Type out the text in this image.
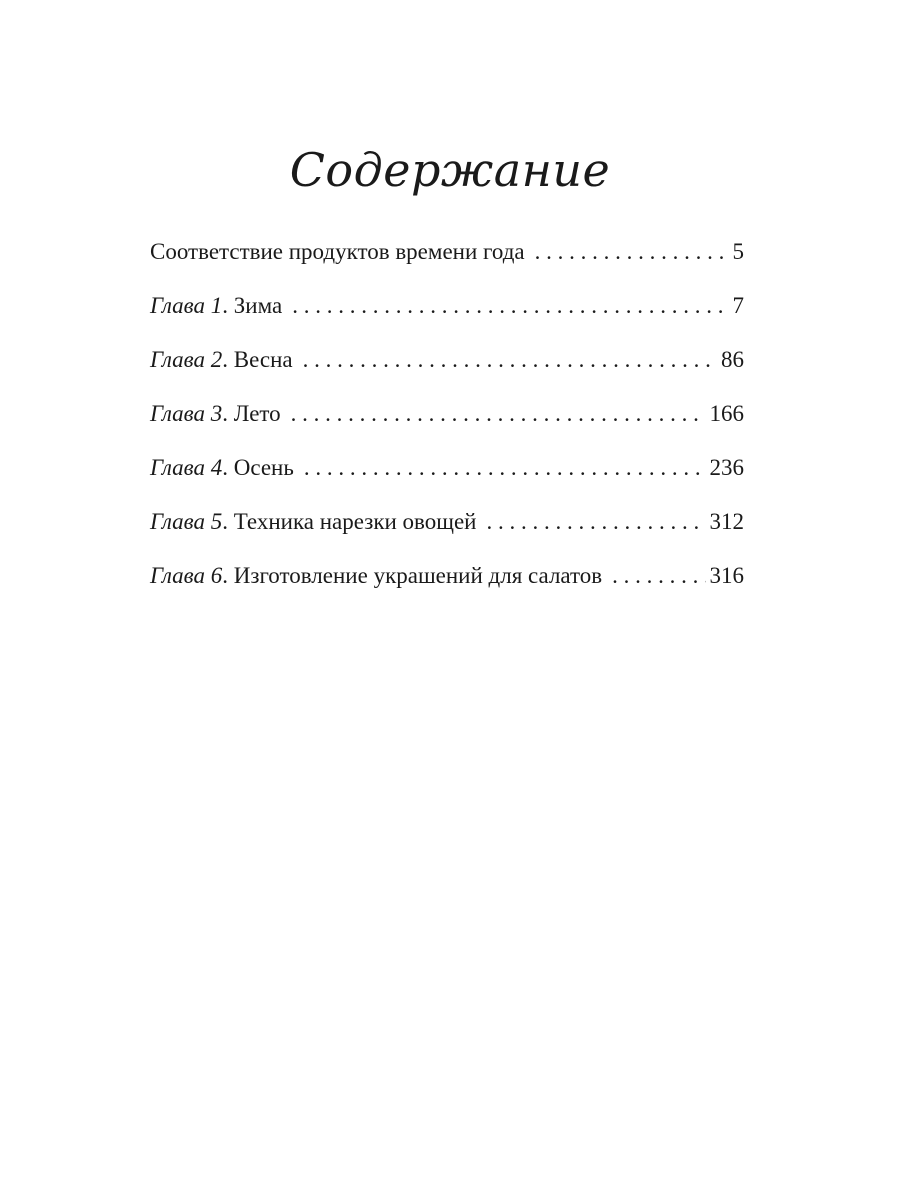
Содержание
Соответствие продуктов времени года . . .	5
Глава 1. Зима . . .	7
Глава 2. Весна . . .	86
Глава 3. Лето . . .	166
Глава 4. Осень . . .	236
Глава 5. Техника нарезки овощей . . .	312
Глава 6. Изготовление украшений для салатов . . .	316
